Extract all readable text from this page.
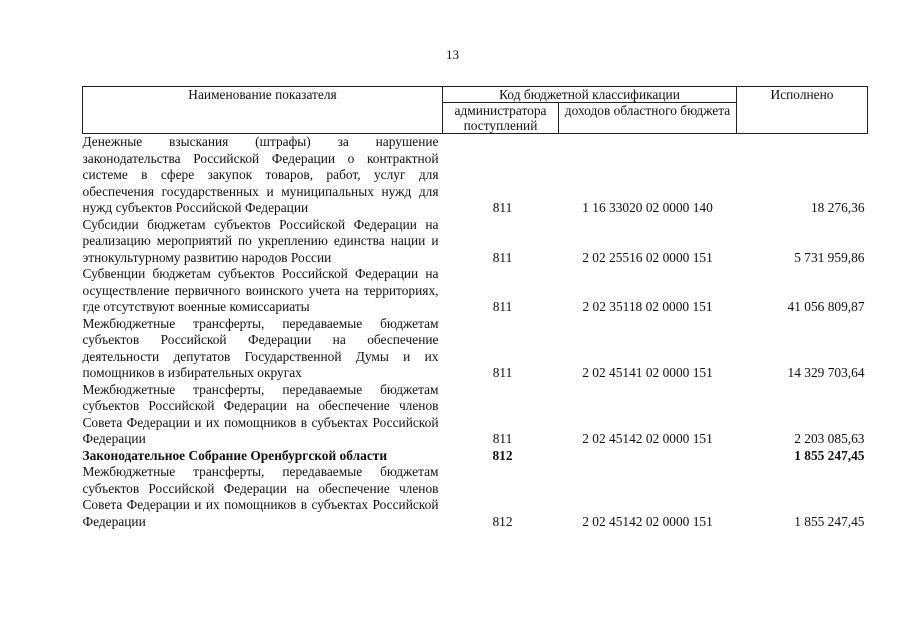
13
Наименование показателя	Код бюджетной классификации		Исполнено
	администратора поступлений	доходов областного бюджета	
Денежные взыскания (штрафы) за нарушение законодательства Российской Федерации о контрактной системе в сфере закупок товаров, работ, услуг для обеспечения государственных и муниципальных нужд для нужд субъектов Российской Федерации	811	1 16 33020 02 0000 140	18 276,36
Субсидии бюджетам субъектов Российской Федерации на реализацию мероприятий по укреплению единства нации и этнокультурному развитию народов России	811	2 02 25516 02 0000 151	5 731 959,86
Субвенции бюджетам субъектов Российской Федерации на осуществление первичного воинского учета на территориях, где отсутствуют военные комиссариаты	811	2 02 35118 02 0000 151	41 056 809,87
Межбюджетные трансферты, передаваемые бюджетам субъектов Российской Федерации на обеспечение деятельности депутатов Государственной Думы и их помощников в избирательных округах	811	2 02 45141 02 0000 151	14 329 703,64
Межбюджетные трансферты, передаваемые бюджетам субъектов Российской Федерации на обеспечение членов Совета Федерации и их помощников в субъектах Российской Федерации	811	2 02 45142 02 0000 151	2 203 085,63
Законодательное Собрание Оренбургской области	812		1 855 247,45
Межбюджетные трансферты, передаваемые бюджетам субъектов Российской Федерации на обеспечение членов Совета Федерации и их помощников в субъектах Российской Федерации	812	2 02 45142 02 0000 151	1 855 247,45
